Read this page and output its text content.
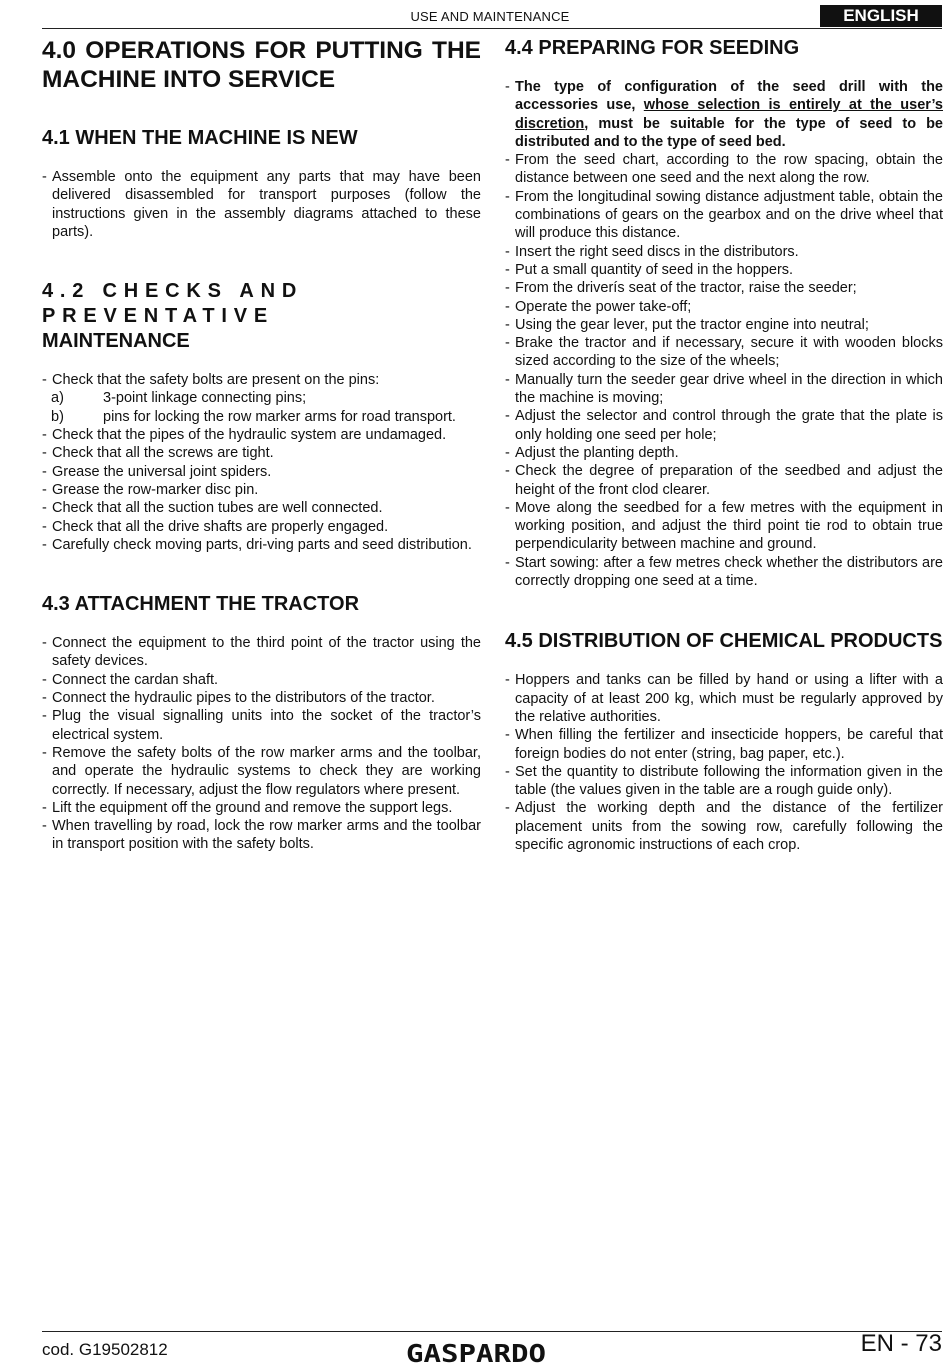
USE AND MAINTENANCE	ENGLISH
4.0 OPERATIONS FOR PUTTING THE MACHINE INTO SERVICE
4.1 WHEN THE MACHINE IS NEW
- Assemble onto the equipment any parts that may have been delivered disassembled for transport purposes (follow the instructions given in the assembly diagrams attached to these parts).
4.2 CHECKS AND PREVENTATIVE
MAINTENANCE
- Check that the safety bolts are present on the pins:
a)	3-point linkage connecting pins;
b)	pins for locking the row marker arms for road transport.
- Check that the pipes of the hydraulic system are undamaged.
- Check that all the screws are tight.
- Grease the universal joint spiders.
- Grease the row-marker disc pin.
- Check that all the suction tubes are well connected.
- Check that all the drive shafts are properly engaged.
- Carefully check moving parts, dri-ving parts and seed distribution.
4.3 ATTACHMENT THE TRACTOR
- Connect the equipment to the third point of the tractor using the safety devices.
- Connect the cardan shaft.
- Connect the hydraulic pipes to the distributors of the tractor.
- Plug the visual signalling units into the socket of the tractor’s electrical system.
- Remove the safety bolts of the row marker arms and the toolbar, and operate the hydraulic systems to check they are working correctly. If necessary, adjust the flow regulators where present.
- Lift the equipment off the ground and remove the support legs.
- When travelling by road, lock the row marker arms and the toolbar in transport position with the safety bolts.
4.4 PREPARING FOR SEEDING
- The type of configuration of the seed drill with the accessories use, whose selection is entirely at the user’s discretion, must be suitable for the type of seed to be distributed and to the type of seed bed.
- From the seed chart, according to the row spacing, obtain the distance between one seed and the next along the row.
- From the longitudinal sowing distance adjustment table, obtain the combinations of gears on the gearbox and on the drive wheel that will produce this distance.
- Insert the right seed discs in the distributors.
- Put a small quantity of seed in the hoppers.
- From the driverís seat of the tractor, raise the seeder;
- Operate the power take-off;
- Using the gear lever, put the tractor engine into neutral;
- Brake the tractor and if necessary, secure it with wooden blocks sized according to the size of the wheels;
- Manually turn the seeder gear drive wheel in the direction in which the machine is moving;
- Adjust the selector and control through the grate that the plate is only holding one seed per hole;
- Adjust the planting depth.
- Check the degree of preparation of the seedbed and adjust the height of the front clod clearer.
- Move along the seedbed for a few metres with the equipment in working position, and adjust the third point tie rod to obtain true perpendicularity between machine and ground.
- Start sowing: after a few metres check whether the distributors are correctly dropping one seed at a time.
4.5 DISTRIBUTION OF CHEMICAL PRODUCTS
- Hoppers and tanks can be filled by hand or using a lifter with a capacity of at least 200 kg, which must be regularly approved by the relative authorities.
- When filling the fertilizer and insecticide hoppers, be careful that foreign bodies do not enter (string, bag paper, etc.).
- Set the quantity to distribute following the information given in the table (the values given in the table are a rough guide only).
- Adjust the working depth and the distance of the fertilizer placement units from the sowing row, carefully following the specific agronomic instructions of each crop.
cod. G19502812	GASPARDO	EN - 73
